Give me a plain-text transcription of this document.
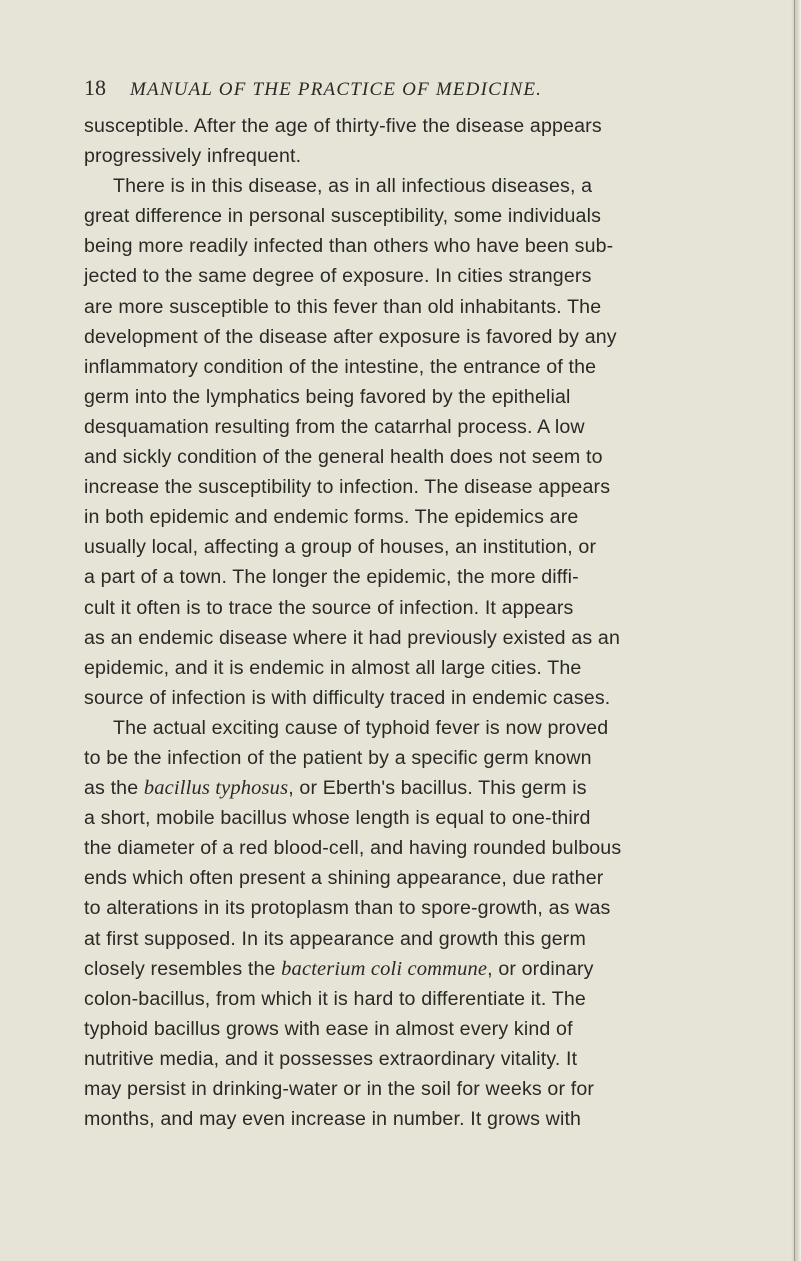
18 MANUAL OF THE PRACTICE OF MEDICINE.
susceptible. After the age of thirty-five the disease appears
progressively infrequent.
There is in this disease, as in all infectious diseases, a
great difference in personal susceptibility, some individuals
being more readily infected than others who have been sub-
jected to the same degree of exposure. In cities strangers
are more susceptible to this fever than old inhabitants. The
development of the disease after exposure is favored by any
inflammatory condition of the intestine, the entrance of the
germ into the lymphatics being favored by the epithelial
desquamation resulting from the catarrhal process. A low
and sickly condition of the general health does not seem to
increase the susceptibility to infection. The disease appears
in both epidemic and endemic forms. The epidemics are
usually local, affecting a group of houses, an institution, or
a part of a town. The longer the epidemic, the more diffi-
cult it often is to trace the source of infection. It appears
as an endemic disease where it had previously existed as an
epidemic, and it is endemic in almost all large cities. The
source of infection is with difficulty traced in endemic cases.
The actual exciting cause of typhoid fever is now proved
to be the infection of the patient by a specific germ known
as the bacillus typhosus, or Eberth's bacillus. This germ is
a short, mobile bacillus whose length is equal to one-third
the diameter of a red blood-cell, and having rounded bulbous
ends which often present a shining appearance, due rather
to alterations in its protoplasm than to spore-growth, as was
at first supposed. In its appearance and growth this germ
closely resembles the bacterium coli commune, or ordinary
colon-bacillus, from which it is hard to differentiate it. The
typhoid bacillus grows with ease in almost every kind of
nutritive media, and it possesses extraordinary vitality. It
may persist in drinking-water or in the soil for weeks or for
months, and may even increase in number. It grows with
